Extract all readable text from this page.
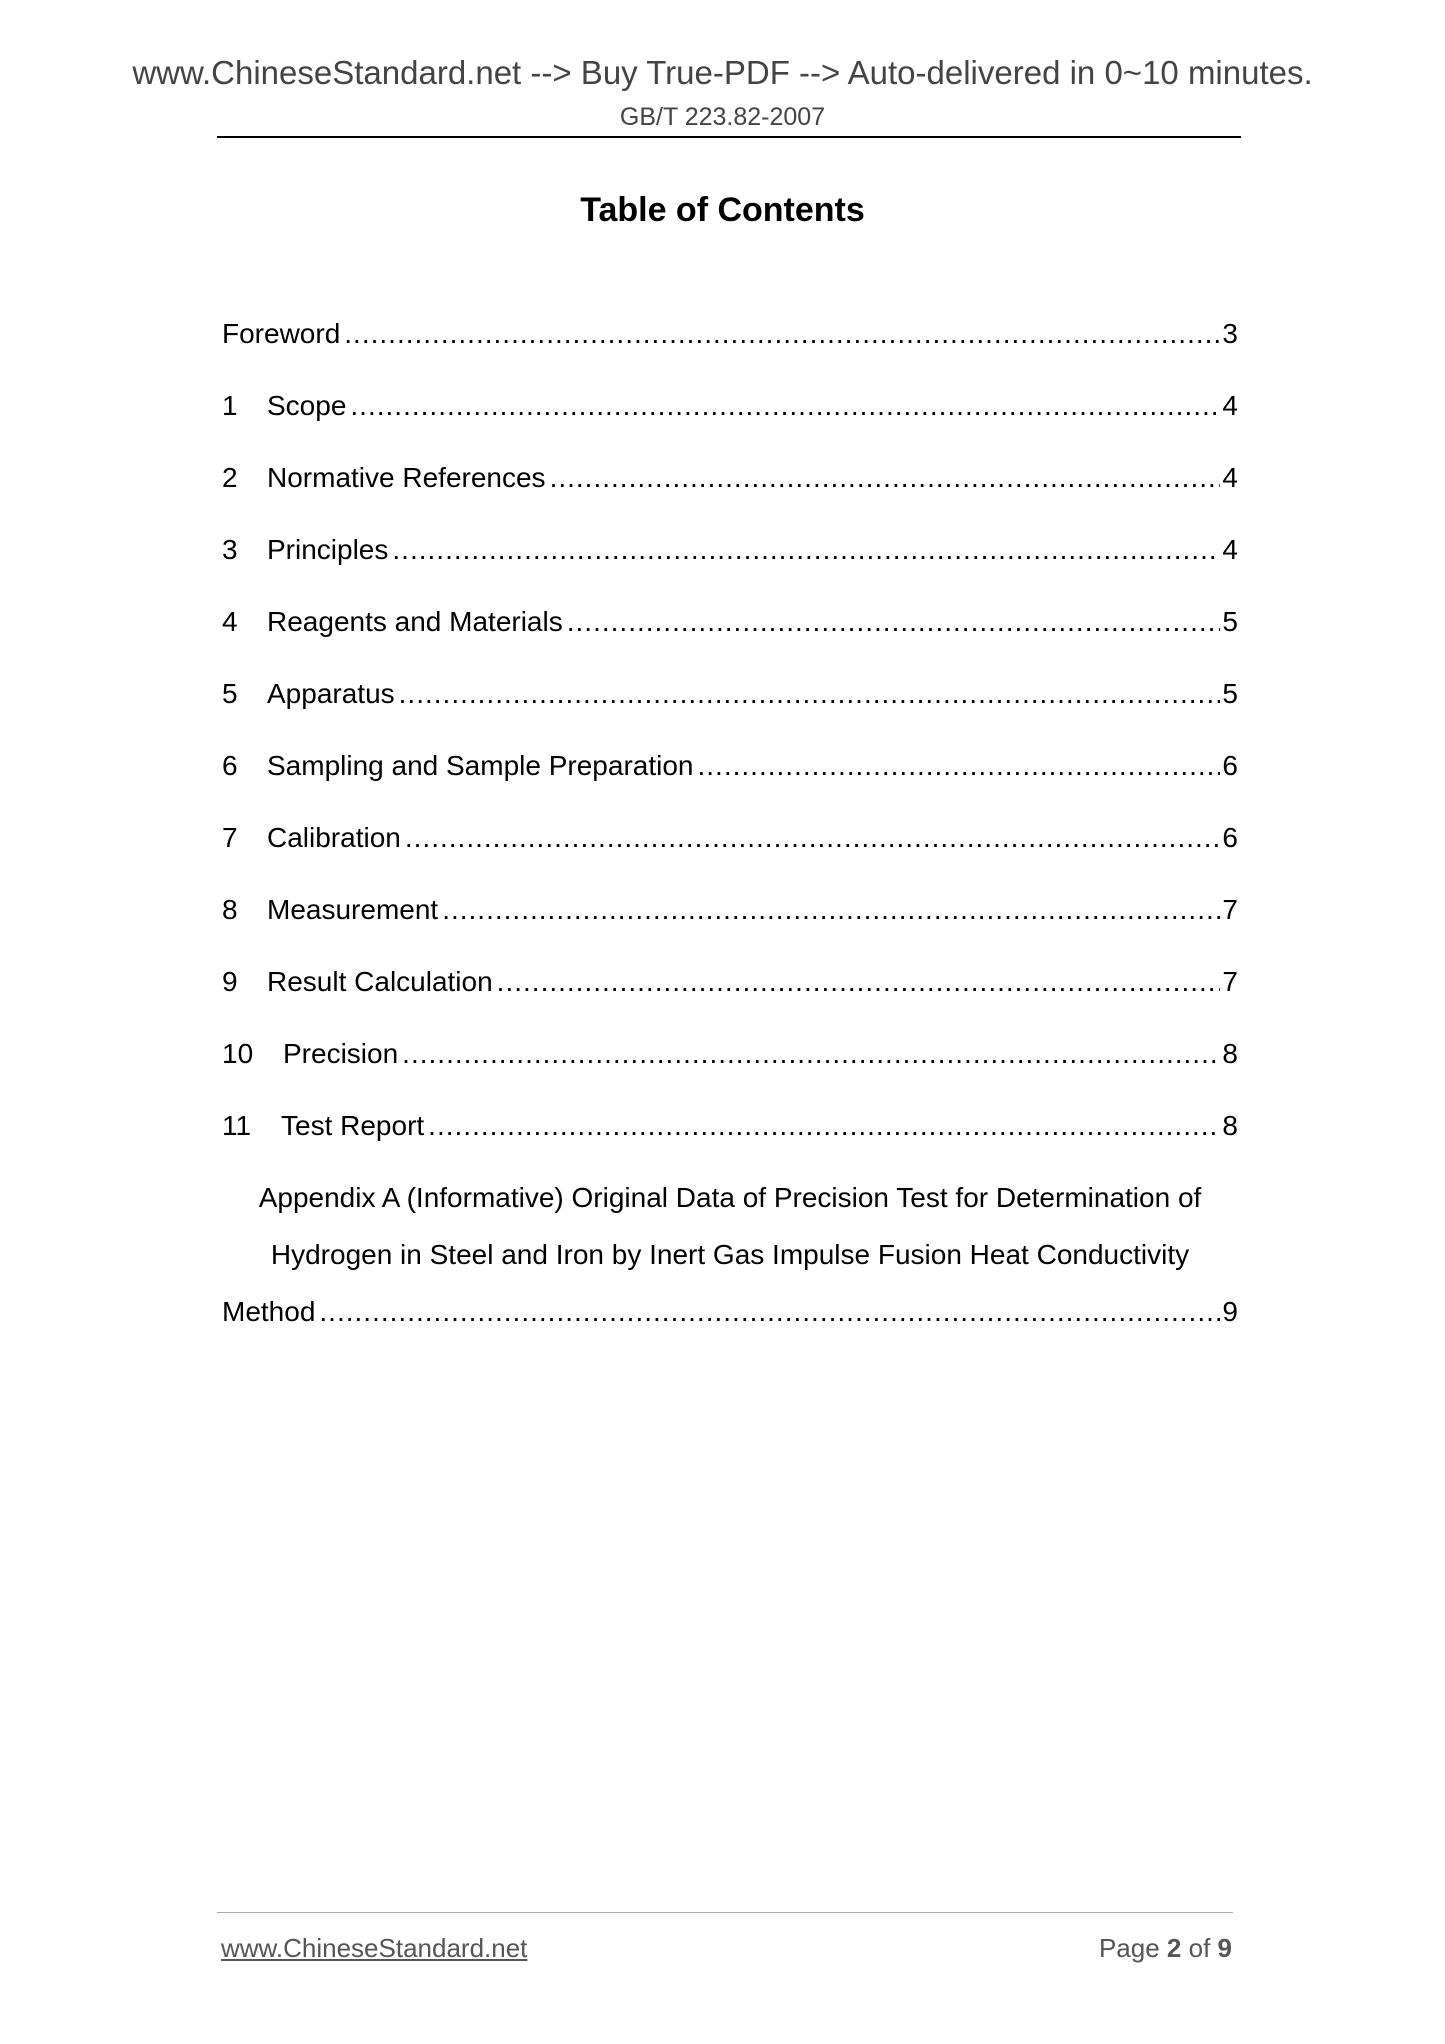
www.ChineseStandard.net --> Buy True-PDF --> Auto-delivered in 0~10 minutes.
GB/T 223.82-2007
Table of Contents
Foreword .....	3
1	Scope .....	4
2	Normative References .....	4
3	Principles .....	4
4	Reagents and Materials .....	5
5	Apparatus .....	5
6	Sampling and Sample Preparation .....	6
7	Calibration .....	6
8	Measurement .....	7
9	Result Calculation .....	7
10	Precision .....	8
11	Test Report .....	8
Appendix A (Informative) Original Data of Precision Test for Determination of
Hydrogen in Steel and Iron by Inert Gas Impulse Fusion Heat Conductivity
Method .....	9
www.ChineseStandard.net	Page 2 of 9
